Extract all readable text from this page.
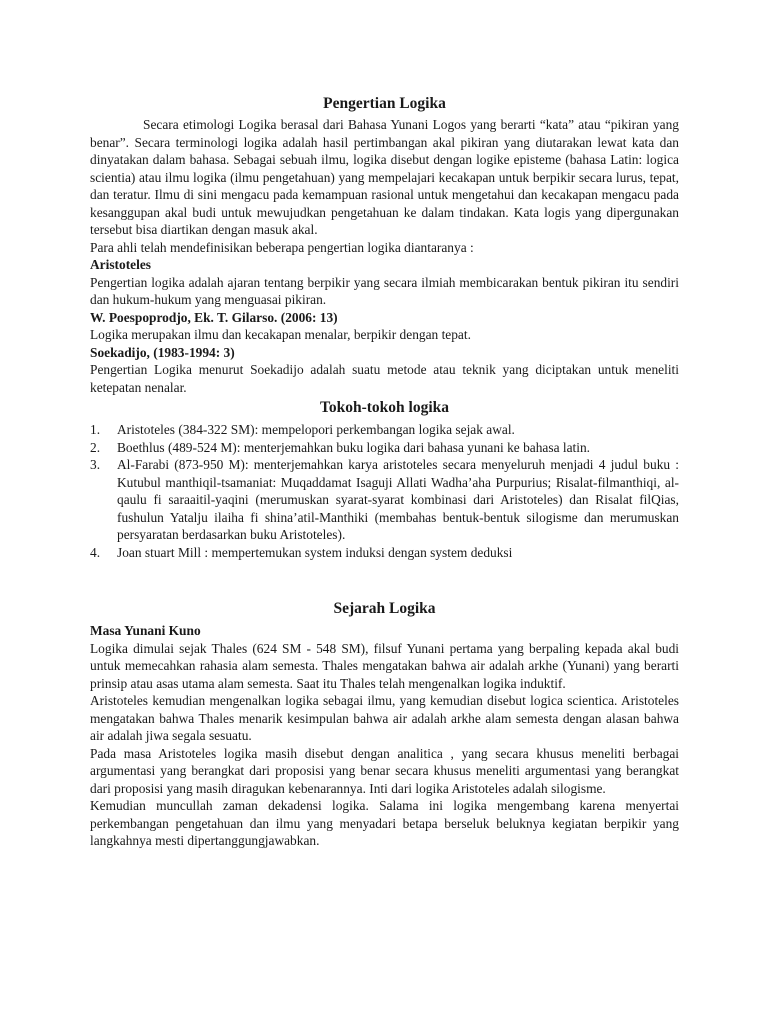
Pengertian Logika

Secara etimologi Logika berasal dari Bahasa Yunani Logos yang berarti “kata” atau “pikiran yang benar”. Secara terminologi logika adalah hasil pertimbangan akal pikiran yang diutarakan lewat kata dan dinyatakan dalam bahasa. Sebagai sebuah ilmu, logika disebut dengan logike episteme (bahasa Latin: logica scientia) atau ilmu logika (ilmu pengetahuan) yang mempelajari kecakapan untuk berpikir secara lurus, tepat, dan teratur. Ilmu di sini mengacu pada kemampuan rasional untuk mengetahui dan kecakapan mengacu pada kesanggupan akal budi untuk mewujudkan pengetahuan ke dalam tindakan. Kata logis yang dipergunakan tersebut bisa diartikan dengan masuk akal.

Para ahli telah mendefinisikan beberapa pengertian logika diantaranya :

Aristoteles

Pengertian logika adalah ajaran tentang berpikir yang secara ilmiah membicarakan bentuk pikiran itu sendiri dan hukum-hukum yang menguasai pikiran.

W. Poespoprodjo, Ek. T. Gilarso. (2006: 13)

Logika merupakan ilmu dan kecakapan menalar, berpikir dengan tepat.

Soekadijo, (1983-1994: 3)

Pengertian Logika menurut Soekadijo adalah suatu metode atau teknik yang diciptakan untuk meneliti ketepatan nenalar.

Tokoh-tokoh logika
1. Aristoteles (384-322 SM): mempelopori perkembangan logika sejak awal.
2. Boethlus (489-524 M): menterjemahkan buku logika dari bahasa yunani ke bahasa latin.
3. Al-Farabi (873-950 M): menterjemahkan karya aristoteles secara menyeluruh menjadi 4 judul buku : Kutubul manthiqil-tsamaniat: Muqaddamat Isaguji Allati Wadha’aha Purpurius; Risalat-filmanthiqi, al-qaulu fi saraaitil-yaqini (merumuskan syarat-syarat kombinasi dari Aristoteles) dan Risalat filQias, fushulun Yatalju ilaiha fi shina’atil-Manthiki (membahas bentuk-bentuk silogisme dan merumuskan persyaratan berdasarkan buku Aristoteles).
4. Joan stuart Mill : mempertemukan system induksi dengan system deduksi
Sejarah Logika
Masa Yunani Kuno

Logika dimulai sejak Thales (624 SM - 548 SM), filsuf Yunani pertama yang berpaling kepada akal budi untuk memecahkan rahasia alam semesta. Thales mengatakan bahwa air adalah arkhe (Yunani) yang berarti prinsip atau asas utama alam semesta. Saat itu Thales telah mengenalkan logika induktif.

Aristoteles kemudian mengenalkan logika sebagai ilmu, yang kemudian disebut logica scientica. Aristoteles mengatakan bahwa Thales menarik kesimpulan bahwa air adalah arkhe alam semesta dengan alasan bahwa air adalah jiwa segala sesuatu.

Pada masa Aristoteles logika masih disebut dengan analitica , yang secara khusus meneliti berbagai argumentasi yang berangkat dari proposisi yang benar secara khusus meneliti argumentasi yang berangkat dari proposisi yang masih diragukan kebenarannya. Inti dari logika Aristoteles adalah silogisme.

Kemudian muncullah zaman dekadensi logika. Salama ini logika mengembang karena menyertai perkembangan pengetahuan dan ilmu yang menyadari betapa berseluk beluknya kegiatan berpikir yang langkahnya mesti dipertanggungjawabkan.
